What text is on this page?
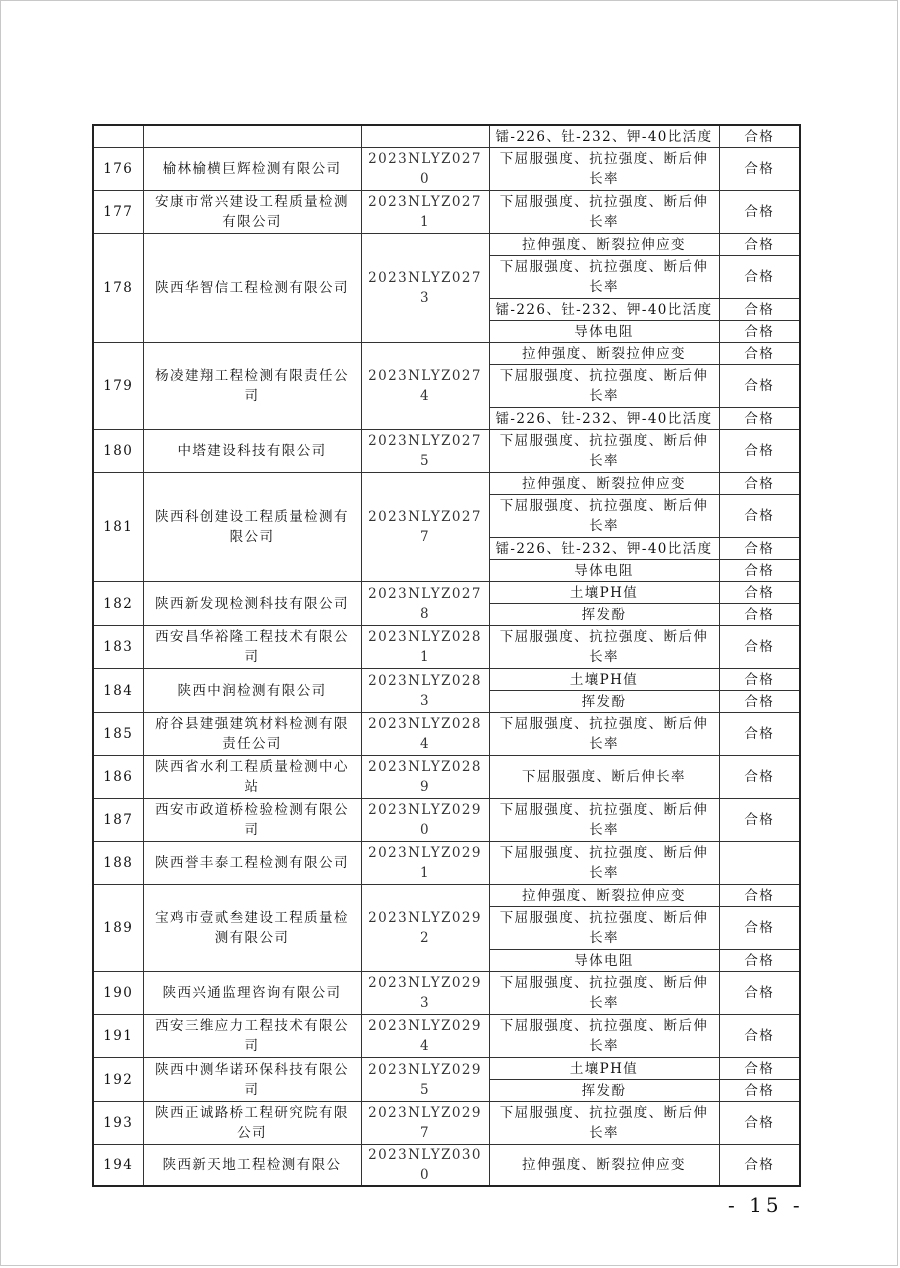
			镭-226、钍-232、钾-40比活度	合格
176	榆林榆横巨辉检测有限公司	2023NLYZ0270	下屈服强度、抗拉强度、断后伸长率	合格
177	安康市常兴建设工程质量检测有限公司	2023NLYZ0271	下屈服强度、抗拉强度、断后伸长率	合格
178	陕西华智信工程检测有限公司	2023NLYZ0273	拉伸强度、断裂拉伸应变	合格
			下屈服强度、抗拉强度、断后伸长率	合格
			镭-226、钍-232、钾-40比活度	合格
			导体电阻	合格
179	杨凌建翔工程检测有限责任公司	2023NLYZ0274	拉伸强度、断裂拉伸应变	合格
			下屈服强度、抗拉强度、断后伸长率	合格
			镭-226、钍-232、钾-40比活度	合格
180	中塔建设科技有限公司	2023NLYZ0275	下屈服强度、抗拉强度、断后伸长率	合格
181	陕西科创建设工程质量检测有限公司	2023NLYZ0277	拉伸强度、断裂拉伸应变	合格
			下屈服强度、抗拉强度、断后伸长率	合格
			镭-226、钍-232、钾-40比活度	合格
			导体电阻	合格
182	陕西新发现检测科技有限公司	2023NLYZ0278	土壤PH值	合格
			挥发酚	合格
183	西安昌华裕隆工程技术有限公司	2023NLYZ0281	下屈服强度、抗拉强度、断后伸长率	合格
184	陕西中润检测有限公司	2023NLYZ0283	土壤PH值	合格
			挥发酚	合格
185	府谷县建强建筑材料检测有限责任公司	2023NLYZ0284	下屈服强度、抗拉强度、断后伸长率	合格
186	陕西省水利工程质量检测中心站	2023NLYZ0289	下屈服强度、断后伸长率	合格
187	西安市政道桥检验检测有限公司	2023NLYZ0290	下屈服强度、抗拉强度、断后伸长率	合格
188	陕西誉丰泰工程检测有限公司	2023NLYZ0291	下屈服强度、抗拉强度、断后伸长率	
189	宝鸡市壹贰叁建设工程质量检测有限公司	2023NLYZ0292	拉伸强度、断裂拉伸应变	合格
			下屈服强度、抗拉强度、断后伸长率	合格
			导体电阻	合格
190	陕西兴通监理咨询有限公司	2023NLYZ0293	下屈服强度、抗拉强度、断后伸长率	合格
191	西安三维应力工程技术有限公司	2023NLYZ0294	下屈服强度、抗拉强度、断后伸长率	合格
192	陕西中测华诺环保科技有限公司	2023NLYZ0295	土壤PH值	合格
			挥发酚	合格
193	陕西正诚路桥工程研究院有限公司	2023NLYZ0297	下屈服强度、抗拉强度、断后伸长率	合格
194	陕西新天地工程检测有限公	2023NLYZ0300	拉伸强度、断裂拉伸应变	合格
- 15 -
